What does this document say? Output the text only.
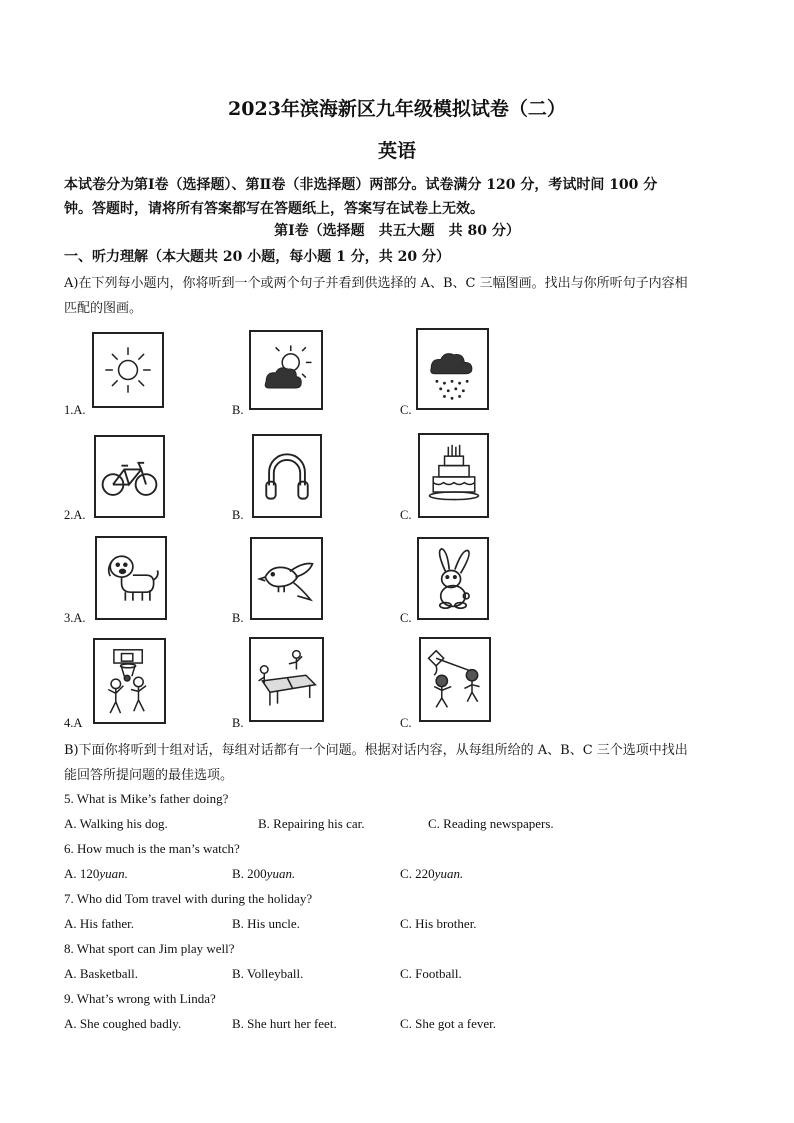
2023年滨海新区九年级模拟试卷（二）
英语
本试卷分为第Ⅰ卷（选择题）、第Ⅱ卷（非选择题）两部分。试卷满分 120 分，考试时间 100 分
钟。答题时，请将所有答案都写在答题纸上，答案写在试卷上无效。
第Ⅰ卷（选择题　共五大题　共 80 分）
一、听力理解（本大题共 20 小题，每小题 1 分，共 20 分）
A)在下列每小题内，你将听到一个或两个句子并看到供选择的 A、B、C 三幅图画。找出与你所听句子内容相
匹配的图画。
1.A.	B.	C.
2.A.	B.	C.
3.A.	B.	C.
4.A	B.	C.
B)下面你将听到十组对话，每组对话都有一个问题。根据对话内容，从每组所给的 A、B、C 三个选项中找出
能回答所提问题的最佳选项。
5. What is Mike’s father doing?
A. Walking his dog.	B. Repairing his car.	C. Reading newspapers.
6. How much is the man’s watch?
A. 120yuan.	B. 200yuan.	C. 220yuan.
7. Who did Tom travel with during the holiday?
A. His father.	B. His uncle.	C. His brother.
8. What sport can Jim play well?
A. Basketball.	B. Volleyball.	C. Football.
9. What’s wrong with Linda?
A. She coughed badly.	B. She hurt her feet.	C. She got a fever.
